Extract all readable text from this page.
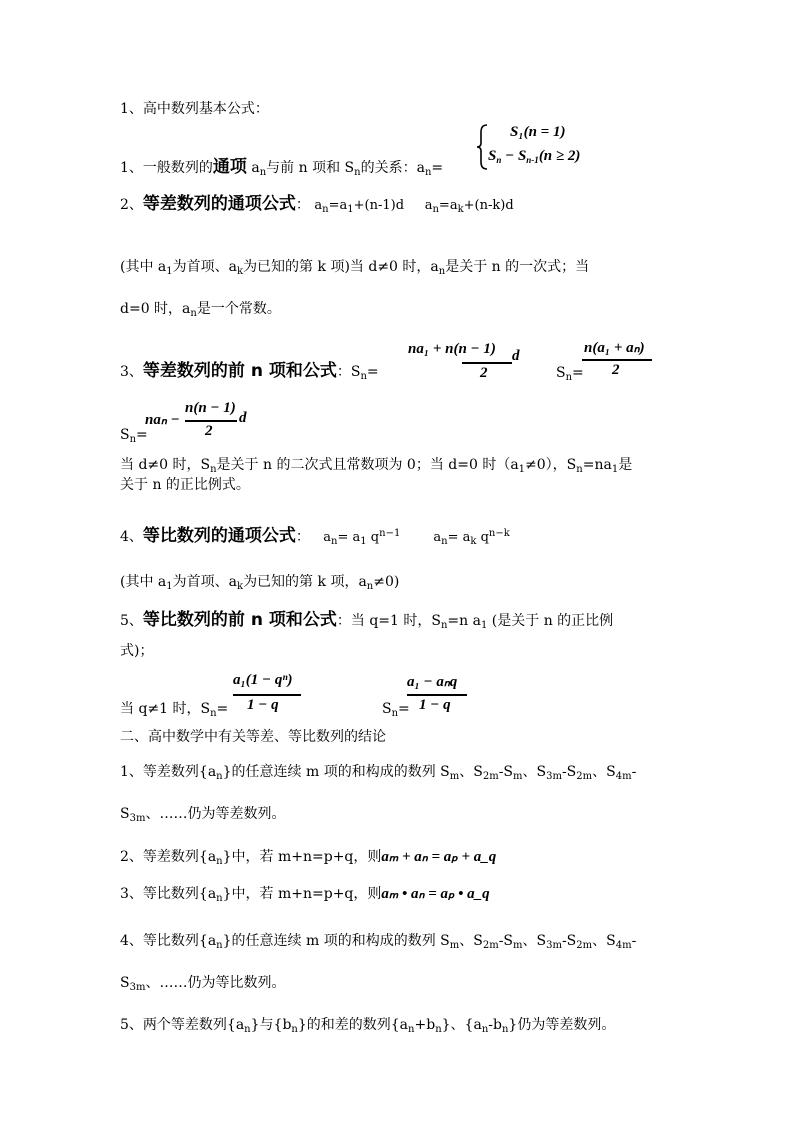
1、高中数列基本公式：
1、一般数列的通项 $a_n$与前 n 项和 $S_n$的关系：$a_n=$
S₁(n = 1)
$S_n - S_{n-1}(n \ge 2)$
2、等差数列的通项公式： $a_n=a_1+(n-1)d$ $a_n=a_k+(n-k)d$
(其中 $a_1$为首项、$a_k$为已知的第 k 项)当 d≠0 时，$a_n$是关于 n 的一次式；当
d=0 时，$a_n$是一个常数。
3、等差数列的前 n 项和公式：$S_n=$
na₁ + n(n − 1)
2
d
$S_n=$
n(a₁ + aₙ)
2
$S_n=$
naₙ −
n(n − 1)
2
d
当 d≠0 时，$S_n$是关于 n 的二次式且常数项为 0；当 d=0 时$(a_1\ne 0)$，$S_n=na_1$是
关于 n 的正比例式。
4、等比数列的通项公式： $a_n= a_1$ $q^{n-1}$	$a_n= a_k$ $q^{n-k}$
(其中 $a_1$为首项、$a_k$为已知的第 k 项，$a_n\ne 0$)
5、等比数列的前 n 项和公式：当 q=1 时，$S_n=n$ $a_1$ (是关于 n 的正比例
式)；
当 q≠1 时，$S_n=$
a₁(1 − qⁿ)
1 − q	$S_n=$
a₁ − aₙq
1 − q
二、高中数学中有关等差、等比数列的结论
1、等差数列$\{a_n\}$的任意连续 m 项的和构成的数列 $S_m$、$S_{2m}-S_m$、$S_{3m}-S_{2m}$、$S_{4m}-$
$S_{3m}$、……仍为等差数列。
2、等差数列$\{a_n\}$中，若 m+n=p+q，则aₘ + aₙ = aₚ + a_q
3、等比数列$\{a_n\}$中，若 m+n=p+q，则aₘ • aₙ = aₚ • a_q
4、等比数列$\{a_n\}$的任意连续 m 项的和构成的数列 $S_m$、$S_{2m}-S_m$、$S_{3m}-S_{2m}$、$S_{4m}-$
$S_{3m}$、……仍为等比数列。
5、两个等差数列$\{a_n\}$与$\{b_n\}$的和差的数列$\{a_n+b_n\}$、$\{a_n-b_n\}$仍为等差数列。
